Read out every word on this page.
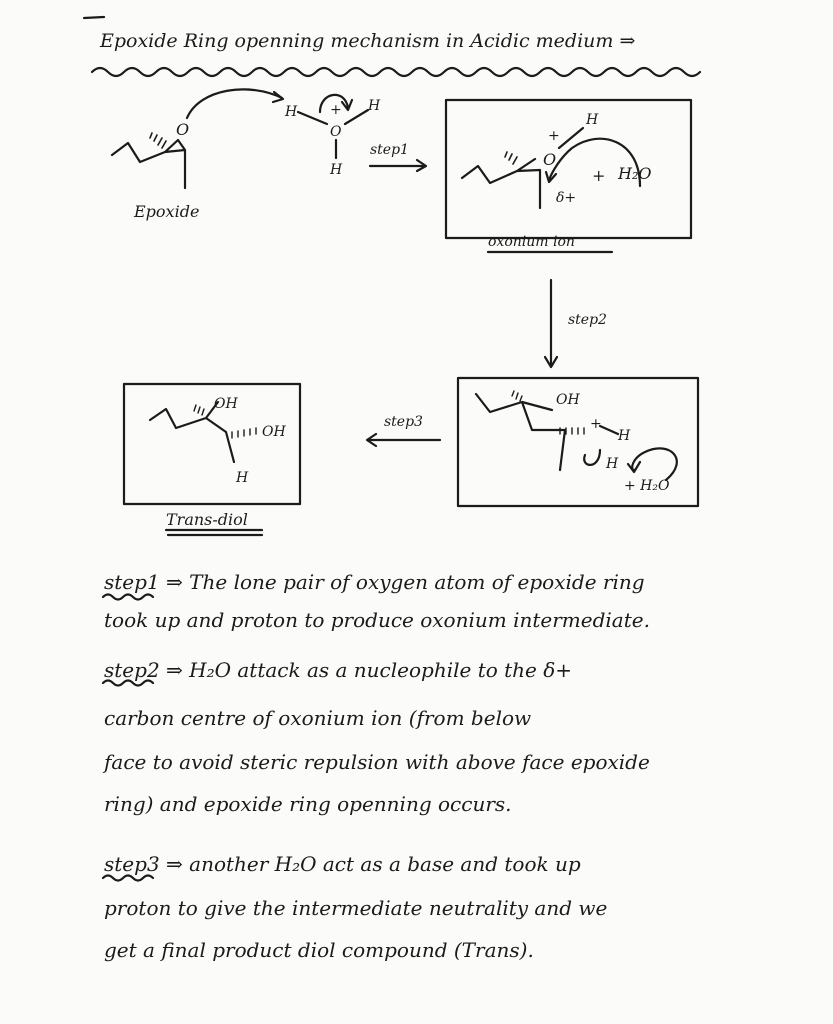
Epoxide Ring openning mechanism in Acidic medium ⇒
O
Epoxide
H + H
O
H
step1
+
H
O
δ+
+ H₂O
oxonium ion
step2
OH
+
H
H
+ H₂O
step3
OH
OH
H
Trans-diol
step1 ⇒ The lone pair of oxygen atom of epoxide ring
took up and proton to produce oxonium intermediate.
step2 ⇒ H₂O attack as a nucleophile to the δ+
carbon centre of oxonium ion (from below
face to avoid steric repulsion with above face epoxide
ring) and epoxide ring openning occurs.
step3 ⇒ another H₂O act as a base and took up
proton to give the intermediate neutrality and we
get a final product diol compound (Trans).
